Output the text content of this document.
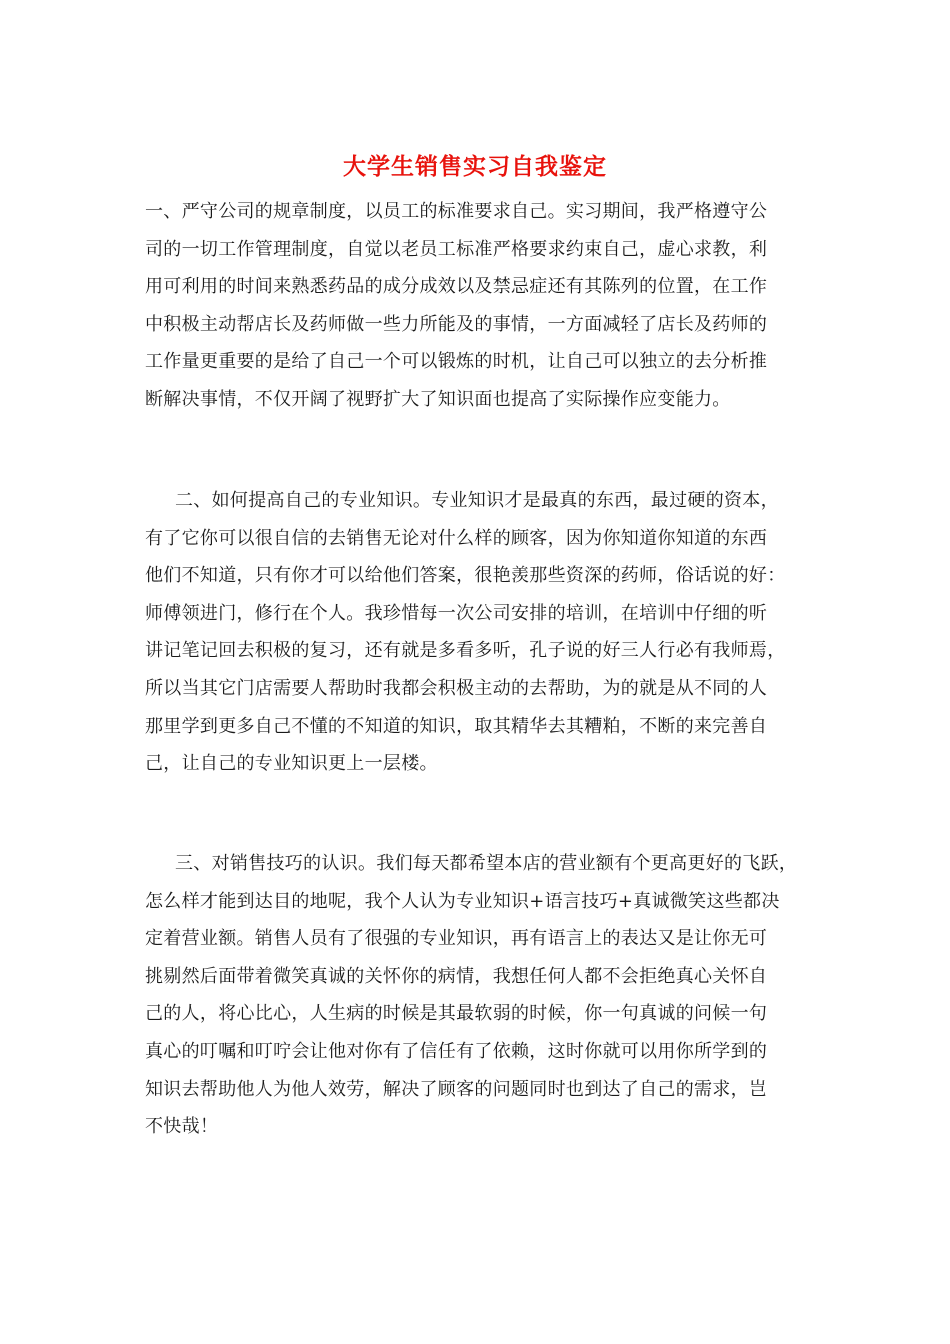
大学生销售实习自我鉴定
一、严守公司的规章制度，以员工的标准要求自己。实习期间，我严格遵守公
司的一切工作管理制度，自觉以老员工标准严格要求约束自己，虚心求教，利
用可利用的时间来熟悉药品的成分成效以及禁忌症还有其陈列的位置，在工作
中积极主动帮店长及药师做一些力所能及的事情，一方面减轻了店长及药师的
工作量更重要的是给了自己一个可以锻炼的时机，让自己可以独立的去分析推
断解决事情，不仅开阔了视野扩大了知识面也提高了实际操作应变能力。
二、如何提高自己的专业知识。专业知识才是最真的东西，最过硬的资本，
有了它你可以很自信的去销售无论对什么样的顾客，因为你知道你知道的东西
他们不知道，只有你才可以给他们答案，很艳羡那些资深的药师，俗话说的好：
师傅领进门，修行在个人。我珍惜每一次公司安排的培训，在培训中仔细的听
讲记笔记回去积极的复习，还有就是多看多听，孔子说的好三人行必有我师焉，
所以当其它门店需要人帮助时我都会积极主动的去帮助，为的就是从不同的人
那里学到更多自己不懂的不知道的知识，取其精华去其糟粕，不断的来完善自
己，让自己的专业知识更上一层楼。
三、对销售技巧的认识。我们每天都希望本店的营业额有个更高更好的飞跃，
怎么样才能到达目的地呢，我个人认为专业知识+语言技巧+真诚微笑这些都决
定着营业额。销售人员有了很强的专业知识，再有语言上的表达又是让你无可
挑剔然后面带着微笑真诚的关怀你的病情，我想任何人都不会拒绝真心关怀自
己的人，将心比心，人生病的时候是其最软弱的时候，你一句真诚的问候一句
真心的叮嘱和叮咛会让他对你有了信任有了依赖，这时你就可以用你所学到的
知识去帮助他人为他人效劳，解决了顾客的问题同时也到达了自己的需求，岂
不快哉！
